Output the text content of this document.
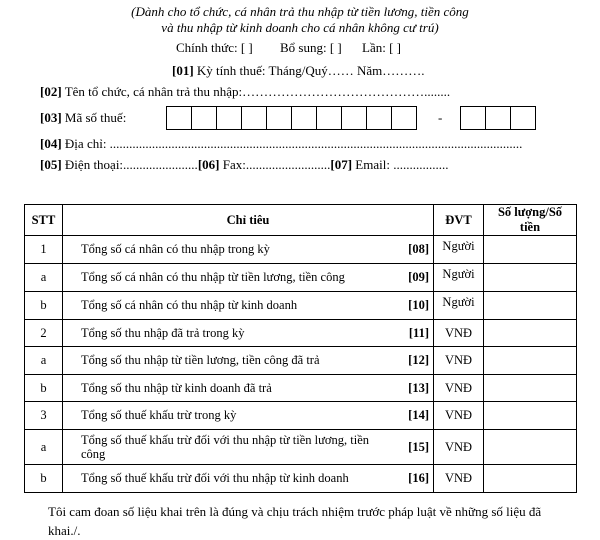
(Dành cho tổ chức, cá nhân trả thu nhập từ tiền lương, tiền công
và thu nhập từ kinh doanh cho cá nhân không cư trú)
Chính thức: [ ] Bổ sung: [ ] Lần: [ ]
[01] Kỳ tính thuế: Tháng/Quý…… Năm……….
[02] Tên tổ chức, cá nhân trả thu nhập:……………………………………........
[03] Mã số thuế:	-
[04] Địa chỉ: ...............................................................................................................................
[05] Điện thoại:.......................[06] Fax:..........................[07] Email: .................
STT	Chỉ tiêu		ĐVT	Số lượng/Số tiền
1	Tổng số cá nhân có thu nhập trong kỳ	[08]	Người	
a	Tổng số cá nhân có thu nhập từ tiền lương, tiền công	[09]	Người	
b	Tổng số cá nhân có thu nhập từ kinh doanh	[10]	Người	
2	Tổng số thu nhập đã trả trong kỳ	[11]	VNĐ	
a	Tổng số thu nhập từ tiền lương, tiền công đã trả	[12]	VNĐ	
b	Tổng số thu nhập từ kinh doanh đã trả	[13]	VNĐ	
3	Tổng số thuế khấu trừ trong kỳ	[14]	VNĐ	
a	Tổng số thuế khấu trừ đối với thu nhập từ tiền lương, tiền công	[15]	VNĐ	
b	Tổng số thuế khấu trừ đối với thu nhập từ kinh doanh	[16]	VNĐ	
Tôi cam đoan số liệu khai trên là đúng và chịu trách nhiệm trước pháp luật về những số liệu đã khai./.
